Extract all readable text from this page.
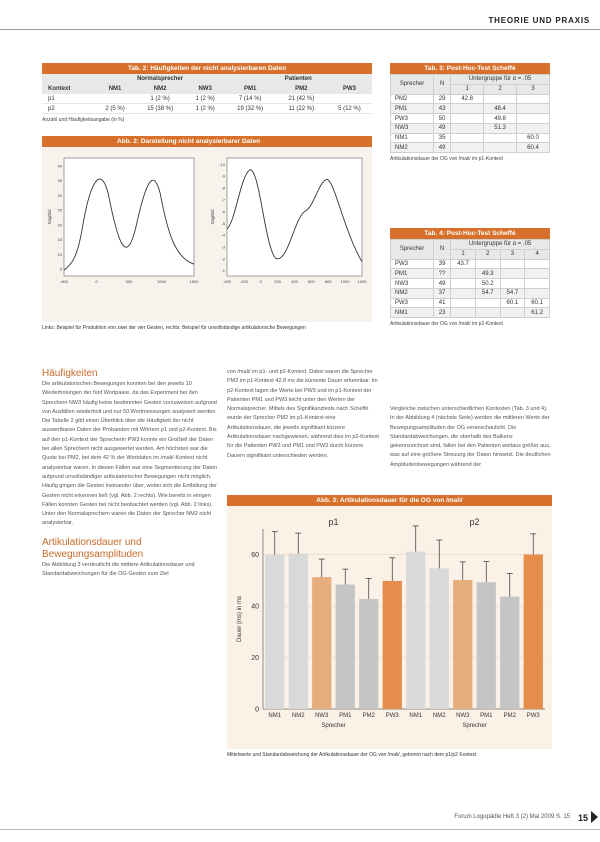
THEORIE UND PRAXIS
Tab. 2: Häufigkeiten der nicht analysierbaren Daten
	Normalsprecher			Patienten		
Kontext	NM1	NM2	NW3	PM1	PM2	PW3
p1		1 (2 %)	1 (2 %)	7 (14 %)	21 (42 %)	
p2	2 (5 %)	15 (38 %)	1 (2 %)	19 (32 %)	11 (22 %)	5 (12 %)
Anzahl und Häufigkeitsangabe (in %)
Abb. 2: Darstellung nicht analysierbarer Daten
5
10
15
20
25
30
35
40
-500	0	500	1000	1500
Sagittal
-1
-2
-3
-4
-5
-6
-7
-8
-9
-10
-400 -200	0	200	400	600	800 1000 1200
Sagittal
Links: Beispiel für Produktion von zwei der vier Gesten, rechts: Beispiel für unvollständige artikulatorische Bewegungen
Tab. 3: Post-Hoc-Test Scheffé
Sprecher	N	Untergruppe für α = .05		
		1	2	3
PM2	29	42.8		
PM1	43		48.4	
PW3	50		49.8	
NW3	49		51.3	
NM1	35			60.0
NM2	49			60.4
Artikulationsdauer der OG von /mali/ im p1-Kontext
Tab. 4: Post-Hoc-Test Scheffé
Sprecher	N	Untergruppe für α = .05			
		1	2	3	4
PW3	39	43.7			
PM1	??		49.3		
NW3	49		50.2		
NM2	37		54.7	54.7	
PW3	41			60.1	60.1
NM1	23				61.2
Artikulationsdauer der OG von /mali/ im p2-Kontext
Häufigkeiten

Die artikulatorischen Bewegungen konnten bei den jeweils 10 Wiederholungen der fünf Wortpaare, da das Experiment bei den Sprechern NW3 häufig keine bestimmten Gesten vorzuweisen aufgrund von Ausfällen wiederholt und nur 50 Wortmessungen analysiert werden. Die Tabelle 2 gibt einen Überblick über die Häufigkeit der nicht auswertbaren Daten der Probanden mit Wörtern p1 und p2-Kontext. Bis auf den p1-Kontext der Sprecherin PW3 konnte ein Großteil der Daten bei allen Sprechern nicht ausgewertet werden. Am höchsten war die Quote bei PM2, bei dem 42 % der Wortdaten im /mali/-Kontext nicht analysierbar waren. In diesen Fällen war eine Segmentierung der Daten aufgrund unvollständiger artikulatorischer Bewegungen nicht möglich. Häufig gingen die Gesten ineinander über, wobei sich die Entfaltung der Gesten nicht erkennen ließ (vgl. Abb. 2 rechts). Wie bereits in einigen Fällen konnten Gesten bei nicht beobachtet werden (vgl. Abb. 2 links). Unter den Normalsprechern waren die Daten der Sprecher NM2 nicht analysierbar.

Artikulationsdauer und Bewegungsamplituden

Die Abbildung 3 verdeutlicht die mittlere Artikulationsdauer und Standardabweichungen für die OG-Gesten zum Ziel

von /mali/ im p1- und p2-Kontext. Dabei waren die Sprecher PM2 im p1-Kontext 42.8 ms die kürzeste Dauer erkennbar. Im p2-Kontext lagen die Werte bei PW3 und im p1-Kontext der Patienten PM1 und PW3 leicht unter den Werten der Normalsprecher. Mittels des Signifikanztests nach Scheffé wurde der Sprecher PM2 im p1-Kontext eine Artikulationsdauer, die jeweils signifikant kürzere Artikulationsdauer nachgewiesen, während dies im p2-Kontext für die Patienten PW3 und PM1 und PW3 durch kürzere Dauern signifikant unterschieden werden.

Vergleiche zwischen unterschiedlichen Kontexten (Tab. 3 und 4). In der Abbildung 4 (nächste Seite) werden die mittleren Werte der Bewegungsamplituden der OG veranschaulicht. Die Standardabweichungen, die oberhalb des Balkens gekennzeichnet sind, fallen bei den Patienten weitaus größer aus, was auf eine größere Streuung der Daten hinweist. Die deutlichen Amplitudenbewegungen während der

Abb. 3: Artikulationsdauer für die OG von /mali/
0
20
40
60
Dauer (ms) in ms
NM1 NM2 NW3 PM1 PM2 PW3 NM1 NM2 NW3 PM1 PM2 PW3
p1
Sprecher
p2
Sprecher
Mittelwerte und Standardabweichung der Artikulationsdauer der OG von /mali/, getrennt nach dem p1/p2 Kontext
Forum Logopädie Heft 3 (2) Mai 2009 S. 15 15
